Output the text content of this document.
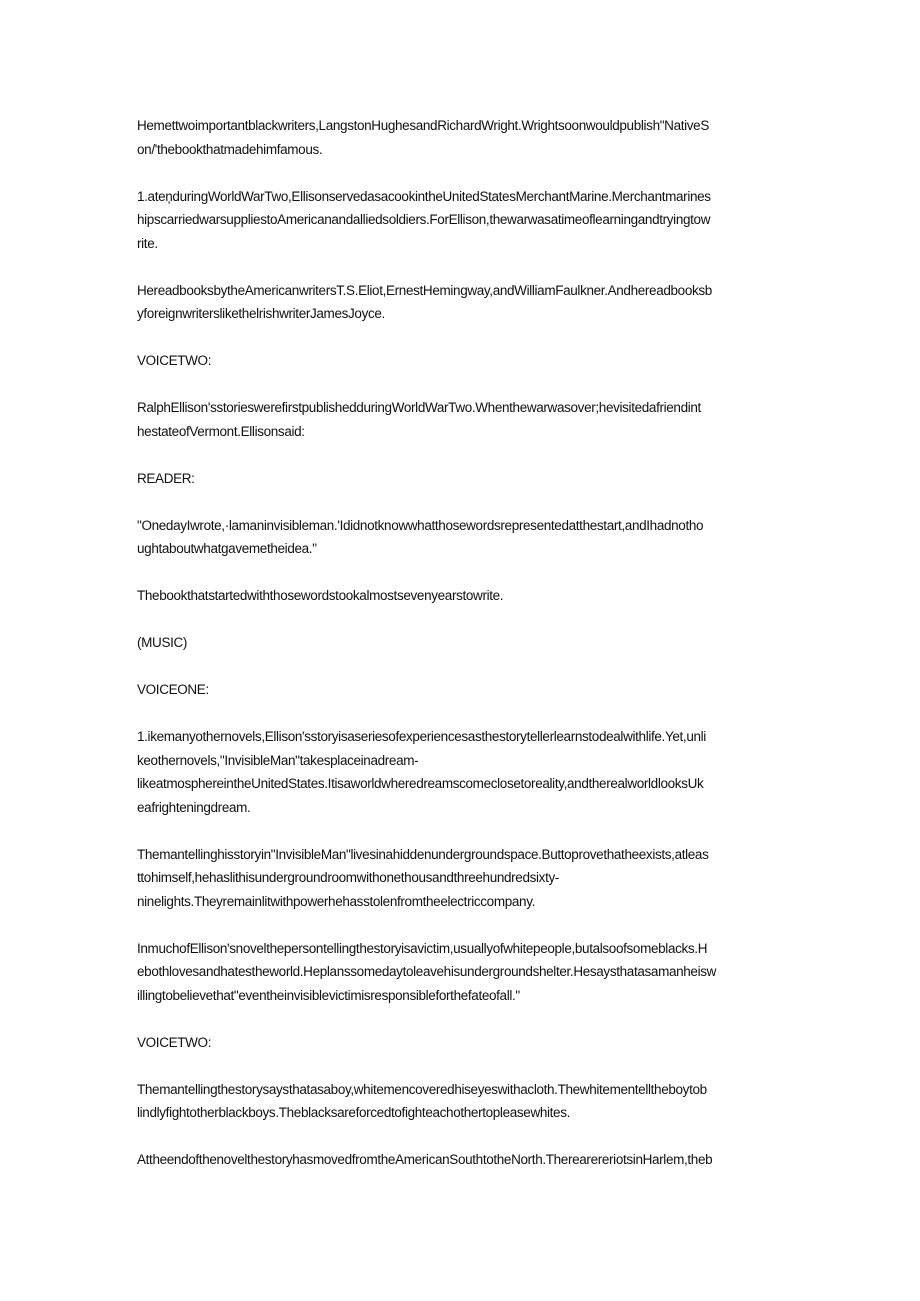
Hemettwoimportantblackwriters,LangstonHughesandRichardWright.Wrightsoonwouldpublish"NativeS
on/'thebookthatmadehimfamous.
1.ateņduringWorldWarTwo,EllisonservedasacookintheUnitedStatesMerchantMarine.Merchantmarines
hipscarriedwarsuppliestoAmericanandalliedsoldiers.ForEllison,thewarwasatimeoflearningandtryingtow
rite.
HereadbooksbytheAmericanwritersT.S.Eliot,ErnestHemingway,andWilliamFaulkner.Andhereadbooksb
yforeignwriterslikethelrishwriterJamesJoyce.
VOICETWO:
RalphEllison'sstorieswerefirstpublishedduringWorldWarTwo.Whenthewarwasover;hevisitedafriendint
hestateofVermont.Ellisonsaid:
READER:
"OnedayIwrote,·lamaninvisibleman.'Ididnotknowwhatthosewordsrepresentedatthestart,andIhadnotho
ughtaboutwhatgavemetheidea."
Thebookthatstartedwiththosewordstookalmostsevenyearstowrite.
(MUSIC)
VOICEONE:
1.ikemanyothernovels,Ellison'sstoryisaseriesofexperiencesasthestorytellerlearnstodealwithlife.Yet,unli
keothernovels,"InvisibleMan"takesplaceinadream-
likeatmosphereintheUnitedStates.Itisaworldwheredreamscomeclosetoreality,andtherealworldlooksUk
eafrighteningdream.
Themantellinghisstoryin"InvisibleMan"livesinahiddenundergroundspace.Buttoprovethatheexists,atleas
ttohimself,hehaslithisundergroundroomwithonethousandthreehundredsixty-
ninelights.Theyremainlitwithpowerhehasstolenfromtheelectriccompany.
InmuchofEllison'snovelthepersontellingthestoryisavictim,usuallyofwhitepeople,butalsoofsomeblacks.H
ebothlovesandhatestheworld.Heplanssomedaytoleavehisundergroundshelter.Hesaysthatasamanheisw
illingtobelievethat"eventheinvisiblevictimisresponsibleforthefateofall."
VOICETWO:
Themantellingthestorysaysthatasaboy,whitemencoveredhiseyeswithacloth.Thewhitementelltheboytob
lindlyfightotherblackboys.Theblacksareforcedtofighteachothertopleasewhites.
AttheendofthenovelthestoryhasmovedfromtheAmericanSouthtotheNorth.TherearereriotsinHarlem,theb
